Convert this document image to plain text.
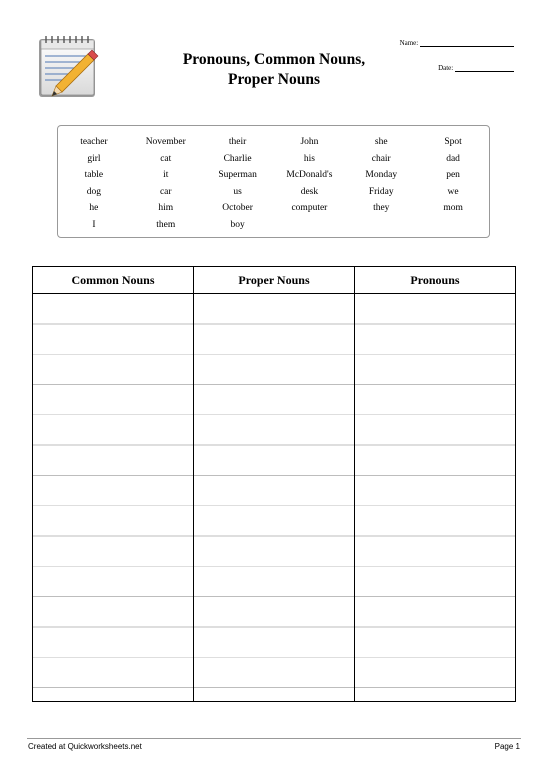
Pronouns, Common Nouns,
Proper Nouns
Name:
Date:
teacher	November	their	John	she	Spot
girl	cat	Charlie	his	chair	dad
table	it	Superman	McDonald's	Monday	pen
dog	car	us	desk	Friday	we
he	him	October	computer	they	mom
I	them	boy
Common Nouns	Proper Nouns	Pronouns
Created at Quickworksheets.net	Page 1
